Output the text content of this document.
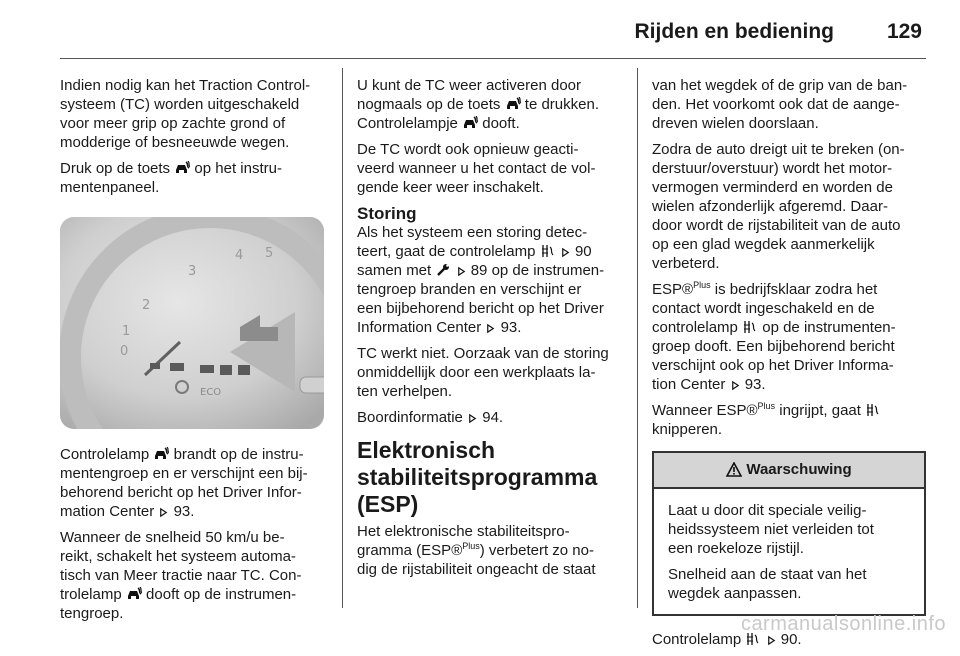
Rijden en bediening	129

Indien nodig kan het Traction Control-
systeem (TC) worden uitgeschakeld
voor meer grip op zachte grond of
modderige of besneeuwde wegen.

Druk op de toets op het instru-
mentenpaneel.

4 5
3
2
1
0
ECO

Controlelamp brandt op de instru-
mentengroep en er verschijnt een bij-
behorend bericht op het Driver Infor-
mation Center 93.

Wanneer de snelheid 50 km/u be-
reikt, schakelt het systeem automa-
tisch van Meer tractie naar TC. Con-
trolelamp dooft op de instrumen-
tengroep.

U kunt de TC weer activeren door
nogmaals op de toets te drukken.
Controlelampje dooft.

De TC wordt ook opnieuw geacti-
veerd wanneer u het contact de vol-
gende keer weer inschakelt.

Storing

Als het systeem een storing detec-
teert, gaat de controlelamp	90
samen met	89 op de instrumen-
tengroep branden en verschijnt er
een bijbehorend bericht op het Driver
Information Center 93.

TC werkt niet. Oorzaak van de storing
onmiddellijk door een werkplaats la-
ten verhelpen.

Boordinformatie 94.

Elektronisch
stabiliteitsprogramma
(ESP)

Het elektronische stabiliteitspro-
gramma (ESP®$^{Plus}$) verbetert zo no-
dig de rijstabiliteit ongeacht de staat

van het wegdek of de grip van de ban-
den. Het voorkomt ook dat de aange-
dreven wielen doorslaan.

Zodra de auto dreigt uit te breken (on-
derstuur/overstuur) wordt het motor-
vermogen verminderd en worden de
wielen afzonderlijk afgeremd. Daar-
door wordt de rijstabiliteit van de auto
op een glad wegdek aanmerkelijk
verbeterd.

ESP®$^{Plus}$ is bedrijfsklaar zodra het
contact wordt ingeschakeld en de
controlelamp op de instrumenten-
groep dooft. Een bijbehorend bericht
verschijnt ook op het Driver Informa-
tion Center 93.

Wanneer ESP®$^{Plus}$ ingrijpt, gaat
knipperen.

Waarschuwing

Laat u door dit speciale veilig-
heidssysteem niet verleiden tot
een roekeloze rijstijl.

Snelheid aan de staat van het
wegdek aanpassen.

Controlelamp	90.

carmanualsonline.info
